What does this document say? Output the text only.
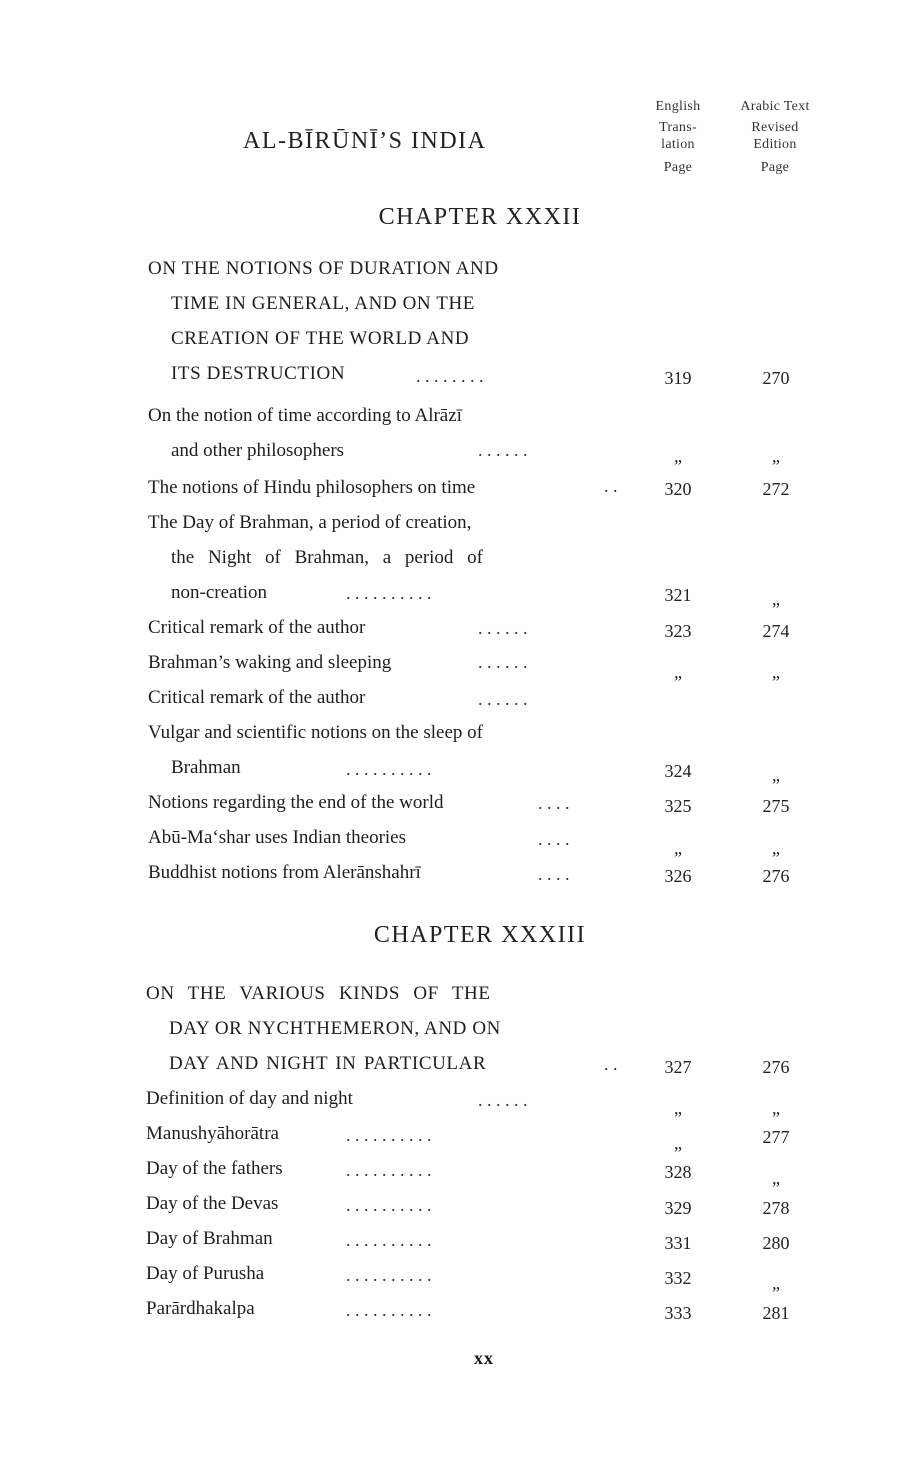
AL-BĪRŪNĪ’S INDIA
English
Trans-
lation
Page
Arabic Text
Revised
Edition
Page
CHAPTER XXXII
ON THE NOTIONS OF DURATION AND
TIME IN GENERAL, AND ON THE
CREATION OF THE WORLD AND
ITS DESTRUCTION	. . . . . . . .	319	270
On the notion of time according to Alrāzī
and other philosophers	. . . . . .	„	„
The notions of Hindu philosophers on time	. .	320	272
The Day of Brahman, a period of creation,
the Night of Brahman, a period of
non-creation	. . . . . . . . . .	321	„
Critical remark of the author	. . . . . .	323	274
Brahman’s waking and sleeping	. . . . . .	„	„
Critical remark of the author	. . . . . .
Vulgar and scientific notions on the sleep of
Brahman	. . . . . . . . . .	324	„
Notions regarding the end of the world	. . . .	325	275
Abū-Ma‘shar uses Indian theories	. . . .	„	„
Buddhist notions from Alerānshahrī	. . . .	326	276
CHAPTER XXXIII
ON THE VARIOUS KINDS OF THE
DAY OR NYCHTHEMERON, AND ON
DAY AND NIGHT IN PARTICULAR	. .	327	276
Definition of day and night	. . . . . .	„	„
Manushyāhorātra	. . . . . . . . . .	„	277
Day of the fathers	. . . . . . . . . .	328	„
Day of the Devas	. . . . . . . . . .	329	278
Day of Brahman	. . . . . . . . . .	331	280
Day of Purusha	. . . . . . . . . .	332	„
Parārdhakalpa	. . . . . . . . . .	333	281
xx
